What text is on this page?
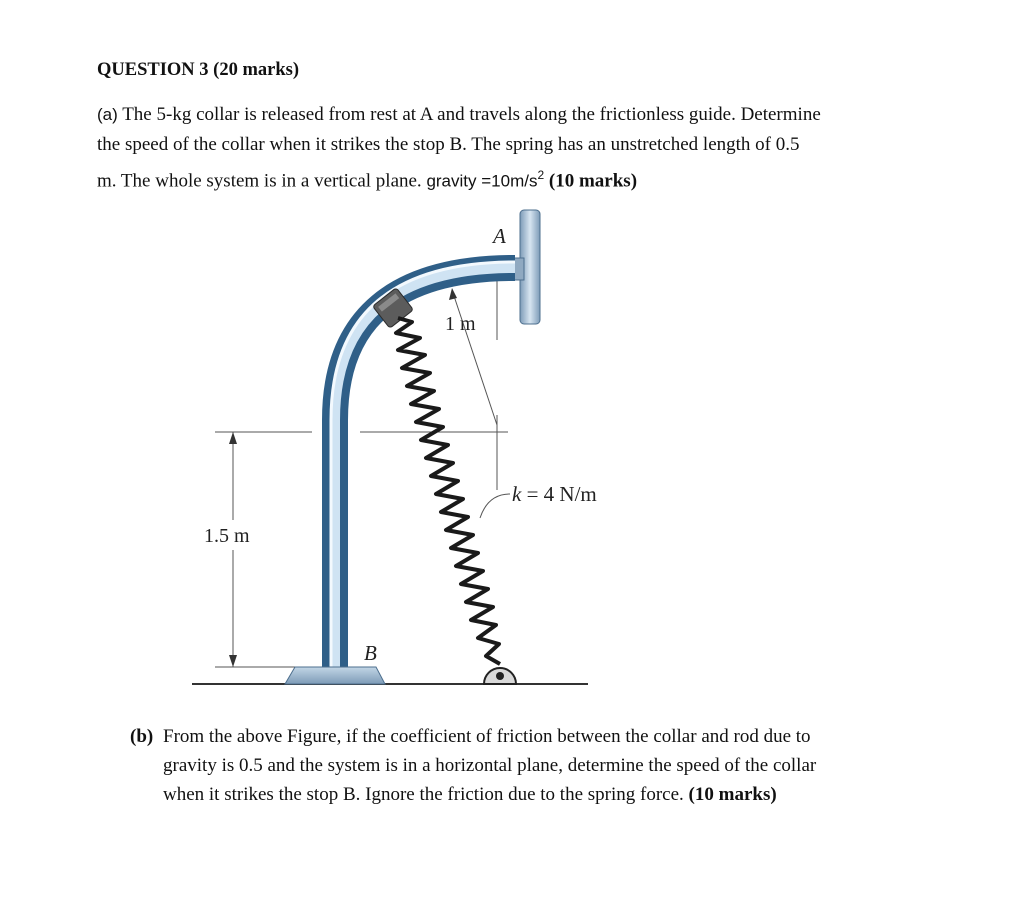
QUESTION 3 (20 marks)
(a) The 5-kg collar is released from rest at A and travels along the frictionless guide. Determine
the speed of the collar when it strikes the stop B. The spring has an unstretched length of 0.5
m. The whole system is in a vertical plane. gravity $=10m/s^2$ (10 marks)
1.5 m
1 m
A
B
k = 4 N/m
(b) From the above Figure, if the coefficient of friction between the collar and rod due to
gravity is 0.5 and the system is in a horizontal plane, determine the speed of the collar
when it strikes the stop B. Ignore the friction due to the spring force. (10 marks)
